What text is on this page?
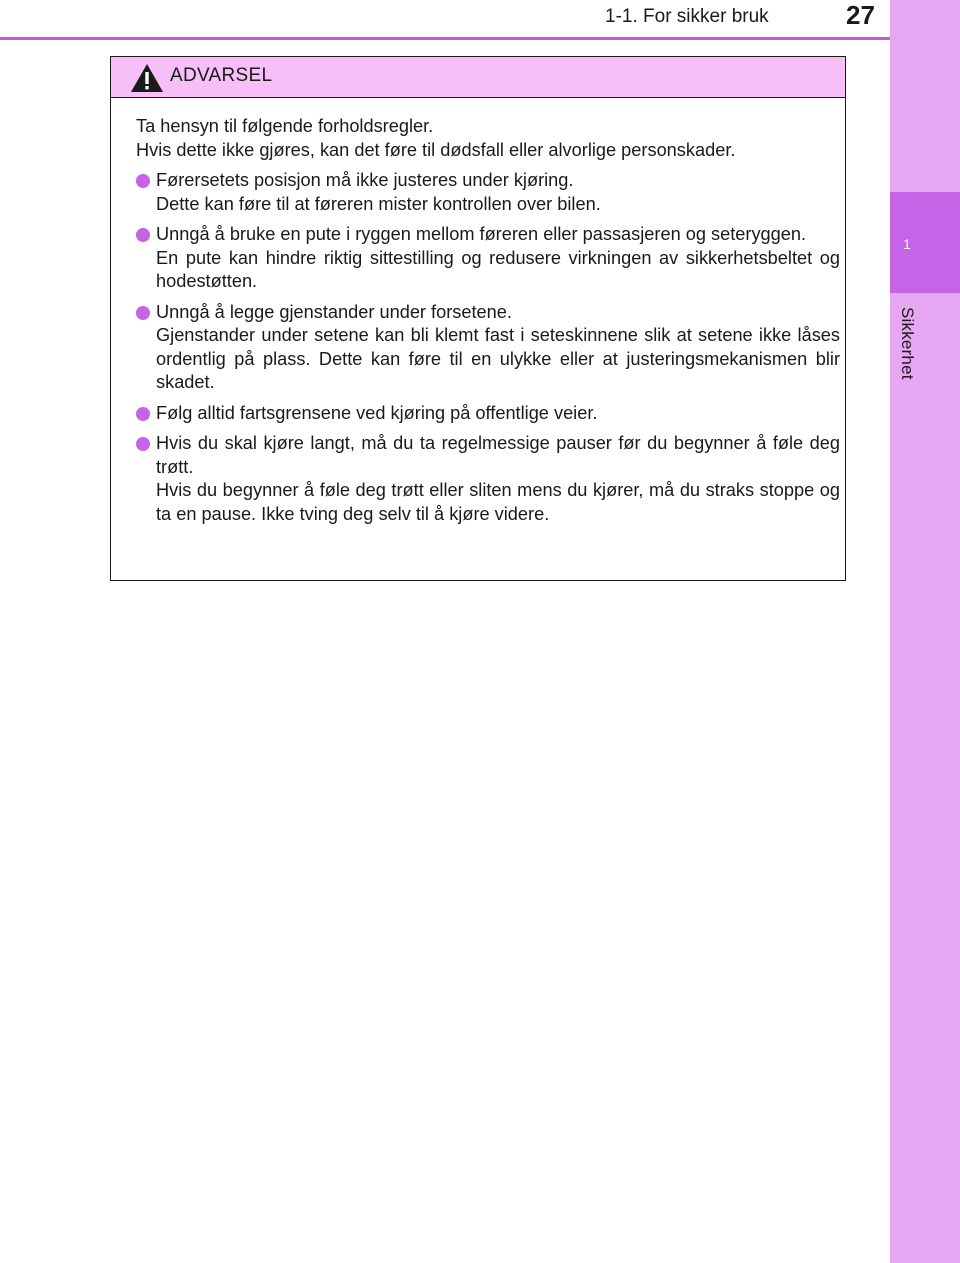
1-1. For sikker bruk	27
1
Sikkerhet
ADVARSEL

Ta hensyn til følgende forholdsregler.

Hvis dette ikke gjøres, kan det føre til dødsfall eller alvorlige personskader.

Førersetets posisjon må ikke justeres under kjøring.

Dette kan føre til at føreren mister kontrollen over bilen.

Unngå å bruke en pute i ryggen mellom føreren eller passasjeren og seteryggen.

En pute kan hindre riktig sittestilling og redusere virkningen av sikkerhetsbeltet og hodestøtten.

Unngå å legge gjenstander under forsetene.

Gjenstander under setene kan bli klemt fast i seteskinnene slik at setene ikke låses ordentlig på plass. Dette kan føre til en ulykke eller at justeringsmekanismen blir skadet.

Følg alltid fartsgrensene ved kjøring på offentlige veier.

Hvis du skal kjøre langt, må du ta regelmessige pauser før du begynner å føle deg trøtt.

Hvis du begynner å føle deg trøtt eller sliten mens du kjører, må du straks stoppe og ta en pause. Ikke tving deg selv til å kjøre videre.
